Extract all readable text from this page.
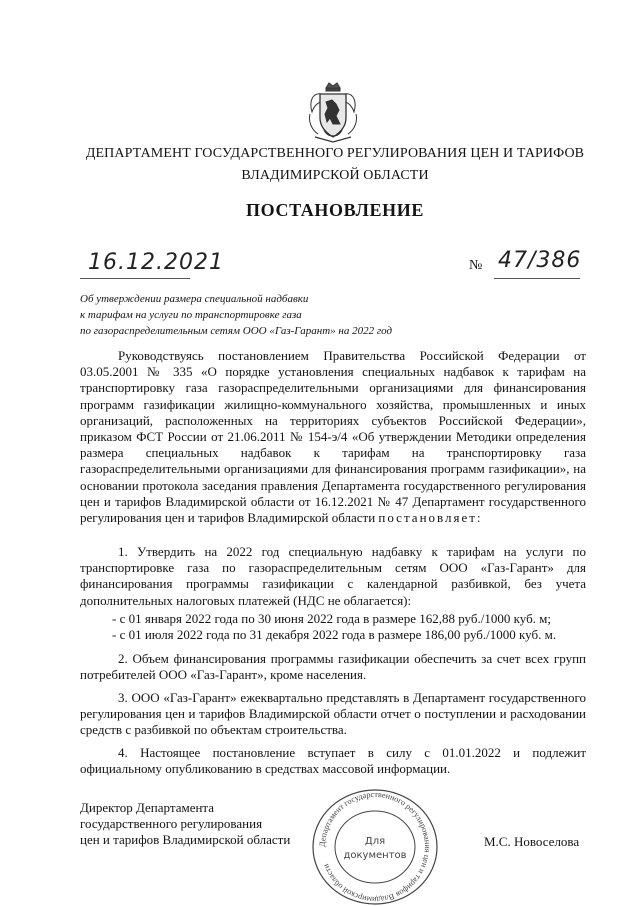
ДЕПАРТАМЕНТ ГОСУДАРСТВЕННОГО РЕГУЛИРОВАНИЯ ЦЕН И ТАРИФОВ
ВЛАДИМИРСКОЙ ОБЛАСТИ
ПОСТАНОВЛЕНИЕ
16.12.2021	№ 47/386
Об утверждении размера специальной надбавки
к тарифам на услуги по транспортировке газа
по газораспределительным сетям ООО «Газ-Гарант» на 2022 год
Руководствуясь постановлением Правительства Российской Федерации от 03.05.2001 № 335 «О порядке установления специальных надбавок к тарифам на транспортировку газа газораспределительными организациями для финансирования программ газификации жилищно-коммунального хозяйства, промышленных и иных организаций, расположенных на территориях субъектов Российской Федерации», приказом ФСТ России от 21.06.2011 № 154-э/4 «Об утверждении Методики определения размера специальных надбавок к тарифам на транспортировку газа газораспределительными организациями для финансирования программ газификации», на основании протокола заседания правления Департамента государственного регулирования цен и тарифов Владимирской области от 16.12.2021 № 47 Департамент государственного регулирования цен и тарифов Владимирской области постановляет:
1. Утвердить на 2022 год специальную надбавку к тарифам на услуги по транспортировке газа по газораспределительным сетям ООО «Газ-Гарант» для финансирования программы газификации с календарной разбивкой, без учета дополнительных налоговых платежей (НДС не облагается):
- с 01 января 2022 года по 30 июня 2022 года в размере 162,88 руб./1000 куб. м;
- с 01 июля 2022 года по 31 декабря 2022 года в размере 186,00 руб./1000 куб. м.
2. Объем финансирования программы газификации обеспечить за счет всех групп потребителей ООО «Газ-Гарант», кроме населения.
3. ООО «Газ-Гарант» ежеквартально представлять в Департамент государственного регулирования цен и тарифов Владимирской области отчет о поступлении и расходовании средств с разбивкой по объектам строительства.
4. Настоящее постановление вступает в силу с 01.01.2022 и подлежит официальному опубликованию в средствах массовой информации.
Директор Департамента
государственного регулирования
цен и тарифов Владимирской области	Департамент государственного регулирования цен и тарифов Владимирской области
Для
документов
М.С. Новоселова
